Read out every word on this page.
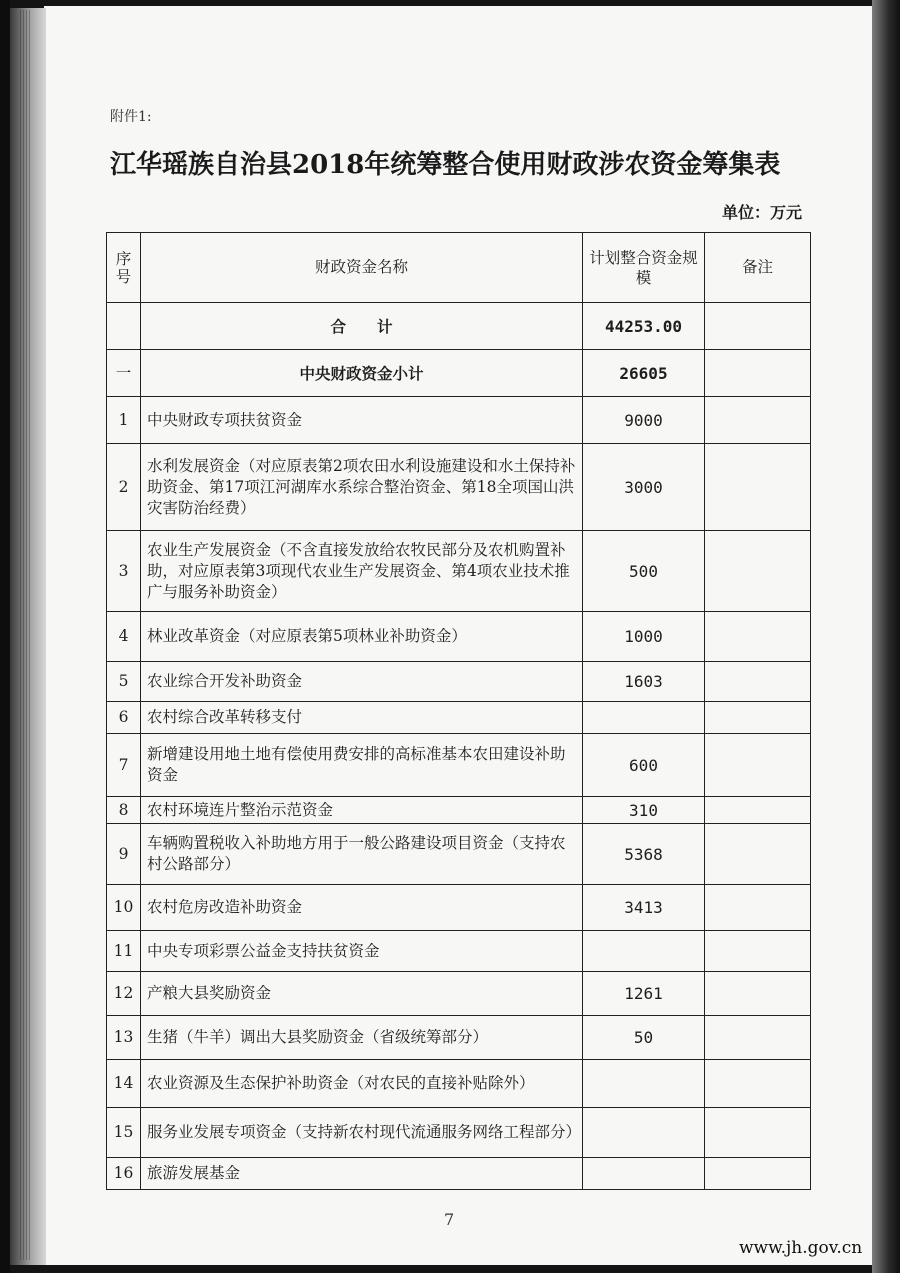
附件1:
江华瑶族自治县2018年统筹整合使用财政涉农资金筹集表
单位：万元
序号	财政资金名称	计划整合资金规模	备注
	合　　计	44253.00	
一	中央财政资金小计	26605	
1	中央财政专项扶贫资金	9000	
2	水利发展资金（对应原表第2项农田水利设施建设和水土保持补助资金、第17项江河湖库水系综合整治资金、第18全项国山洪灾害防治经费）	3000	
3	农业生产发展资金（不含直接发放给农牧民部分及农机购置补助，对应原表第3项现代农业生产发展资金、第4项农业技术推广与服务补助资金）	500	
4	林业改革资金（对应原表第5项林业补助资金）	1000	
5	农业综合开发补助资金	1603	
6	农村综合改革转移支付		
7	新增建设用地土地有偿使用费安排的高标准基本农田建设补助资金	600	
8	农村环境连片整治示范资金	310	
9	车辆购置税收入补助地方用于一般公路建设项目资金（支持农村公路部分）	5368	
10	农村危房改造补助资金	3413	
11	中央专项彩票公益金支持扶贫资金		
12	产粮大县奖励资金	1261	
13	生猪（牛羊）调出大县奖励资金（省级统筹部分）	50	
14	农业资源及生态保护补助资金（对农民的直接补贴除外）		
15	服务业发展专项资金（支持新农村现代流通服务网络工程部分）		
16	旅游发展基金		
7
www.jh.gov.cn
